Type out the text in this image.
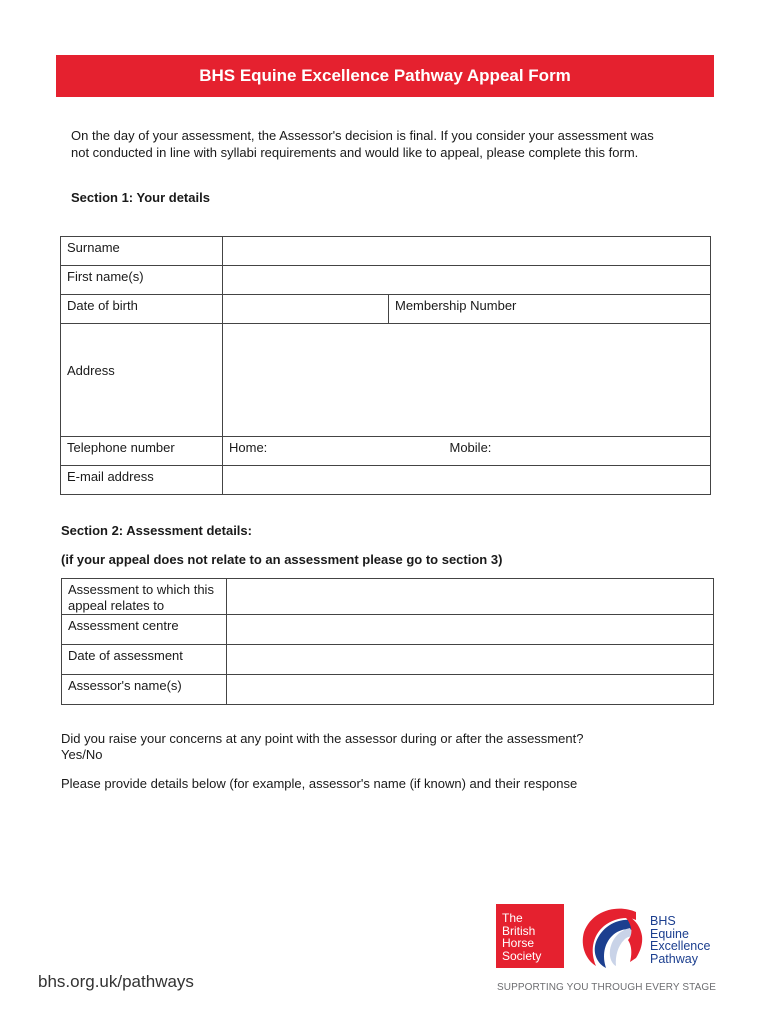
BHS Equine Excellence Pathway Appeal Form
On the day of your assessment, the Assessor's decision is final. If you consider your assessment was not conducted in line with syllabi requirements and would like to appeal, please complete this form.
Section 1: Your details
Surname		
First name(s)		
Date of birth		Membership Number
Address		
Telephone number	Home: Mobile:	

E-mail address		
Section 2: Assessment details:
(if your appeal does not relate to an assessment please go to section 3)
Assessment to which this appeal relates to	
Assessment centre	
Date of assessment	
Assessor's name(s)	
Did you raise your concerns at any point with the assessor during or after the assessment?
Yes/No
Please provide details below (for example, assessor's name (if known) and their response
bhs.org.uk/pathways
The
British
Horse
Society
BHS
Equine
Excellence
Pathway
SUPPORTING YOU THROUGH EVERY STAGE
